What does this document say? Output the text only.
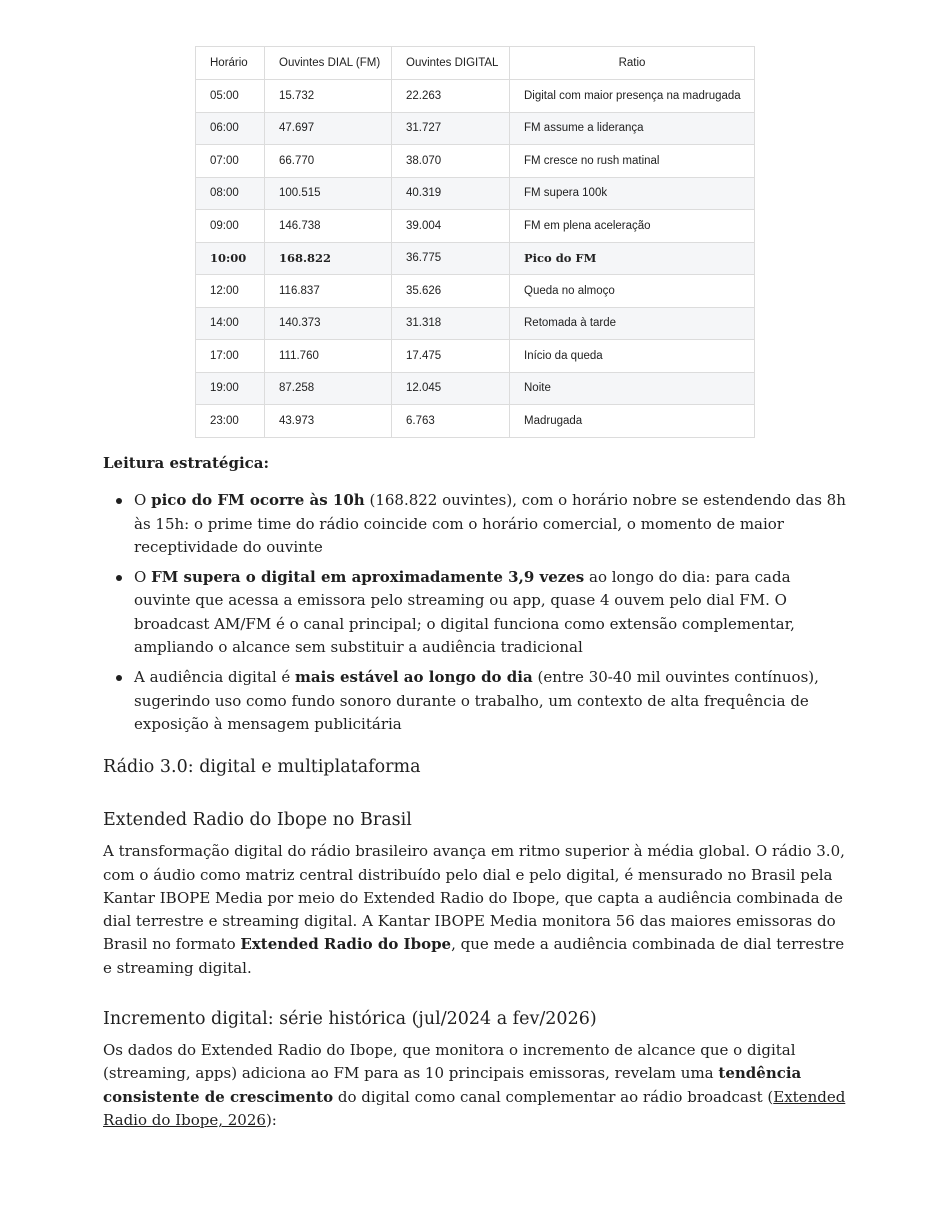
Horário	Ouvintes DIAL (FM)	Ouvintes DIGITAL	Ratio
05:00	15.732	22.263	Digital com maior presença na madrugada
06:00	47.697	31.727	FM assume a liderança
07:00	66.770	38.070	FM cresce no rush matinal
08:00	100.515	40.319	FM supera 100k
09:00	146.738	39.004	FM em plena aceleração
10:00	168.822	36.775	Pico do FM
12:00	116.837	35.626	Queda no almoço
14:00	140.373	31.318	Retomada à tarde
17:00	111.760	17.475	Início da queda
19:00	87.258	12.045	Noite
23:00	43.973	6.763	Madrugada

Leitura estratégica:

O pico do FM ocorre às 10h (168.822 ouvintes), com o horário nobre se estendendo das 8h às 15h: o prime time do rádio coincide com o horário comercial, o momento de maior receptividade do ouvinte
O FM supera o digital em aproximadamente 3,9 vezes ao longo do dia: para cada ouvinte que acessa a emissora pelo streaming ou app, quase 4 ouvem pelo dial FM. O broadcast AM/FM é o canal principal; o digital funciona como extensão complementar, ampliando o alcance sem substituir a audiência tradicional
A audiência digital é mais estável ao longo do dia (entre 30-40 mil ouvintes contínuos), sugerindo uso como fundo sonoro durante o trabalho, um contexto de alta frequência de exposição à mensagem publicitária
Rádio 3.0: digital e multiplataforma
Extended Radio do Ibope no Brasil

A transformação digital do rádio brasileiro avança em ritmo superior à média global. O rádio 3.0, com o áudio como matriz central distribuído pelo dial e pelo digital, é mensurado no Brasil pela Kantar IBOPE Media por meio do Extended Radio do Ibope, que capta a audiência combinada de dial terrestre e streaming digital. A Kantar IBOPE Media monitora 56 das maiores emissoras do Brasil no formato Extended Radio do Ibope, que mede a audiência combinada de dial terrestre e streaming digital.

Incremento digital: série histórica (jul/2024 a fev/2026)

Os dados do Extended Radio do Ibope, que monitora o incremento de alcance que o digital (streaming, apps) adiciona ao FM para as 10 principais emissoras, revelam uma tendência consistente de crescimento do digital como canal complementar ao rádio broadcast (Extended Radio do Ibope, 2026):
